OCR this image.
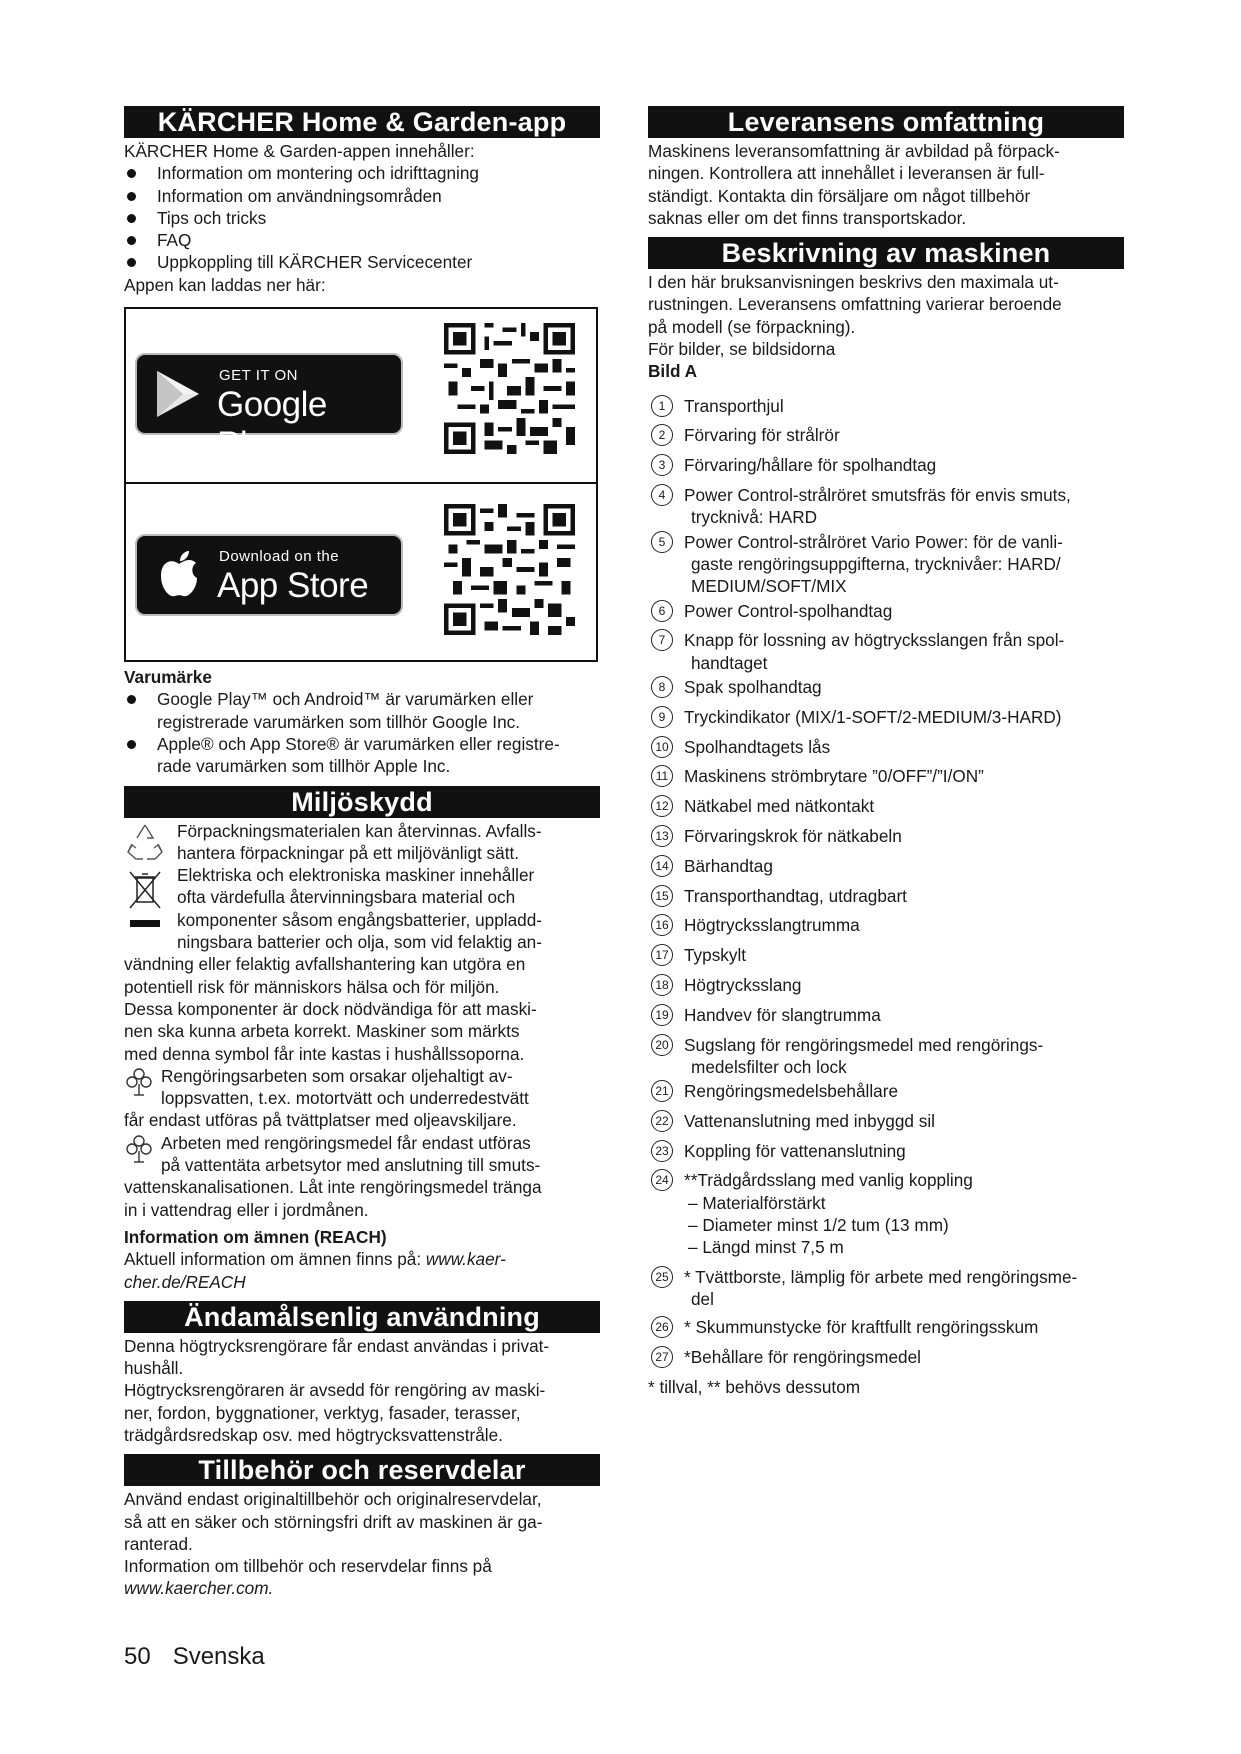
KÄRCHER Home & Garden-app

KÄRCHER Home & Garden-appen innehåller:

Information om montering och idrifttagning
Information om användningsområden
Tips och tricks
FAQ
Uppkoppling till KÄRCHER Servicecenter

Appen kan laddas ner här:

GET IT ON
Google Play
Download on the
App Store

Varumärke

Google Play™ och Android™ är varumärken eller
registrerade varumärken som tillhör Google Inc.
Apple® och App Store® är varumärken eller registre-
rade varumärken som tillhör Apple Inc.
Miljöskydd

Förpackningsmaterialen kan återvinnas. Avfalls-

hantera förpackningar på ett miljövänligt sätt.

Elektriska och elektroniska maskiner innehåller

ofta värdefulla återvinningsbara material och

komponenter såsom engångsbatterier, uppladd-

ningsbara batterier och olja, som vid felaktig an-

vändning eller felaktig avfallshantering kan utgöra en

potentiell risk för människors hälsa och för miljön.

Dessa komponenter är dock nödvändiga för att maski-

nen ska kunna arbeta korrekt. Maskiner som märkts

med denna symbol får inte kastas i hushållssoporna.

Rengöringsarbeten som orsakar oljehaltigt av-

loppsvatten, t.ex. motortvätt och underredestvätt

får endast utföras på tvättplatser med oljeavskiljare.

Arbeten med rengöringsmedel får endast utföras

på vattentäta arbetsytor med anslutning till smuts-

vattenskanalisationen. Låt inte rengöringsmedel tränga

in i vattendrag eller i jordmånen.

Information om ämnen (REACH)

Aktuell information om ämnen finns på: www.kaer-

cher.de/REACH

Ändamålsenlig användning

Denna högtrycksrengörare får endast användas i privat-

hushåll.

Högtrycksrengöraren är avsedd för rengöring av maski-

ner, fordon, byggnationer, verktyg, fasader, terasser,

trädgårdsredskap osv. med högtrycksvattenstråle.

Tillbehör och reservdelar

Använd endast originaltillbehör och originalreservdelar,

så att en säker och störningsfri drift av maskinen är ga-

ranterad.

Information om tillbehör och reservdelar finns på

www.kaercher.com.

Leveransens omfattning

Maskinens leveransomfattning är avbildad på förpack-

ningen. Kontrollera att innehållet i leveransen är full-

ständigt. Kontakta din försäljare om något tillbehör

saknas eller om det finns transportskador.

Beskrivning av maskinen

I den här bruksanvisningen beskrivs den maximala ut-

rustningen. Leveransens omfattning varierar beroende

på modell (se förpackning).

För bilder, se bildsidorna

Bild A

1	Transporthjul
2	Förvaring för strålrör
3	Förvaring/hållare för spolhandtag
4	Power Control-strålröret smutsfräs för envis smuts,
trycknivå: HARD
5	Power Control-strålröret Vario Power: för de vanli-
gaste rengöringsuppgifterna, trycknivåer: HARD/
MEDIUM/SOFT/MIX
6	Power Control-spolhandtag
7	Knapp för lossning av högtrycksslangen från spol-
handtaget
8	Spak spolhandtag
9	Tryckindikator (MIX/1-SOFT/2-MEDIUM/3-HARD)
10 Spolhandtagets lås
11 Maskinens strömbrytare ”0/OFF”/”I/ON”
12 Nätkabel med nätkontakt
13 Förvaringskrok för nätkabeln
14 Bärhandtag
15 Transporthandtag, utdragbart
16 Högtrycksslangtrumma
17 Typskylt
18 Högtrycksslang
19 Handvev för slangtrumma
20 Sugslang för rengöringsmedel med rengörings-
medelsfilter och lock
21 Rengöringsmedelsbehållare
22 Vattenanslutning med inbyggd sil
23 Koppling för vattenanslutning
24 **Trädgårdsslang med vanlig koppling
– Materialförstärkt
– Diameter minst 1/2 tum (13 mm)
– Längd minst 7,5 m
25 * Tvättborste, lämplig för arbete med rengöringsme-
del
26 * Skummunstycke för kraftfullt rengöringsskum
27 *Behållare för rengöringsmedel

* tillval, ** behövs dessutom

50 Svenska
